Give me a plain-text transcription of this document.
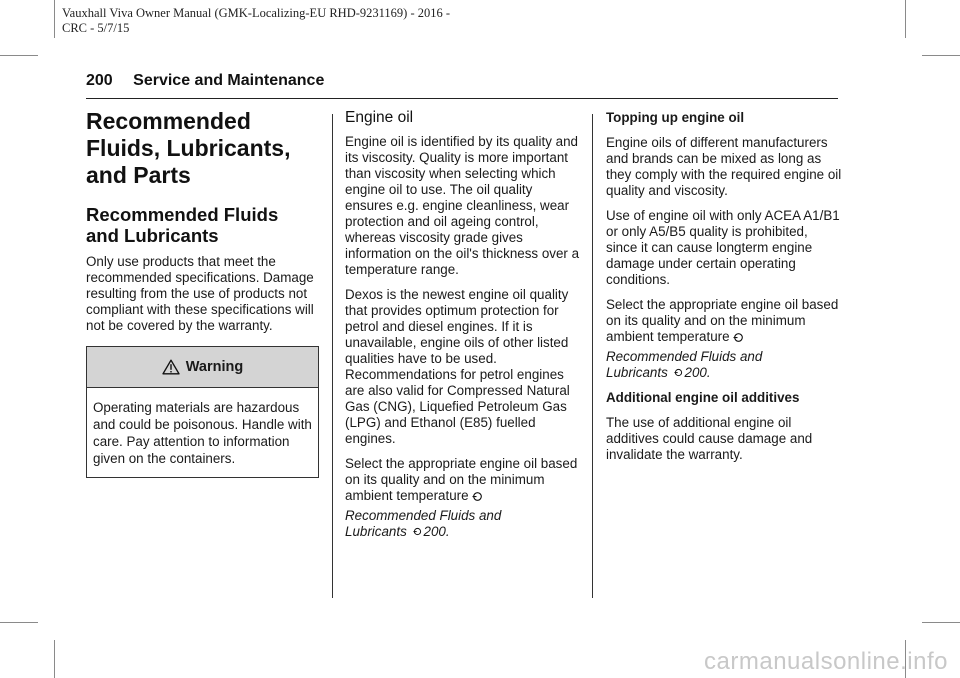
Vauxhall Viva Owner Manual (GMK-Localizing-EU RHD-9231169) - 2016 -
CRC - 5/7/15
200 Service and Maintenance
Recommended
Fluids, Lubricants,
and Parts
Recommended Fluids
and Lubricants

Only use products that meet the recommended specifications. Damage resulting from the use of products not compliant with these specifications will not be covered by the warranty.

Warning
Operating materials are hazardous and could be poisonous. Handle with care. Pay attention to information given on the containers.
Engine oil

Engine oil is identified by its quality and its viscosity. Quality is more important than viscosity when selecting which engine oil to use. The oil quality ensures e.g. engine cleanliness, wear protection and oil ageing control, whereas viscosity grade gives information on the oil's thickness over a temperature range.

Dexos is the newest engine oil quality that provides optimum protection for petrol and diesel engines. If it is unavailable, engine oils of other listed qualities have to be used. Recommendations for petrol engines are also valid for Compressed Natural Gas (CNG), Liquefied Petroleum Gas (LPG) and Ethanol (E85) fuelled engines.

Select the appropriate engine oil based on its quality and on the minimum ambient temperature

Recommended Fluids and
Lubricants 200.

Topping up engine oil

Engine oils of different manufacturers and brands can be mixed as long as they comply with the required engine oil quality and viscosity.

Use of engine oil with only ACEA A1/B1 or only A5/B5 quality is prohibited, since it can cause longterm engine damage under certain operating conditions.

Select the appropriate engine oil based on its quality and on the minimum ambient temperature

Recommended Fluids and
Lubricants 200.

Additional engine oil additives

The use of additional engine oil additives could cause damage and invalidate the warranty.

carmanualsonline.info
